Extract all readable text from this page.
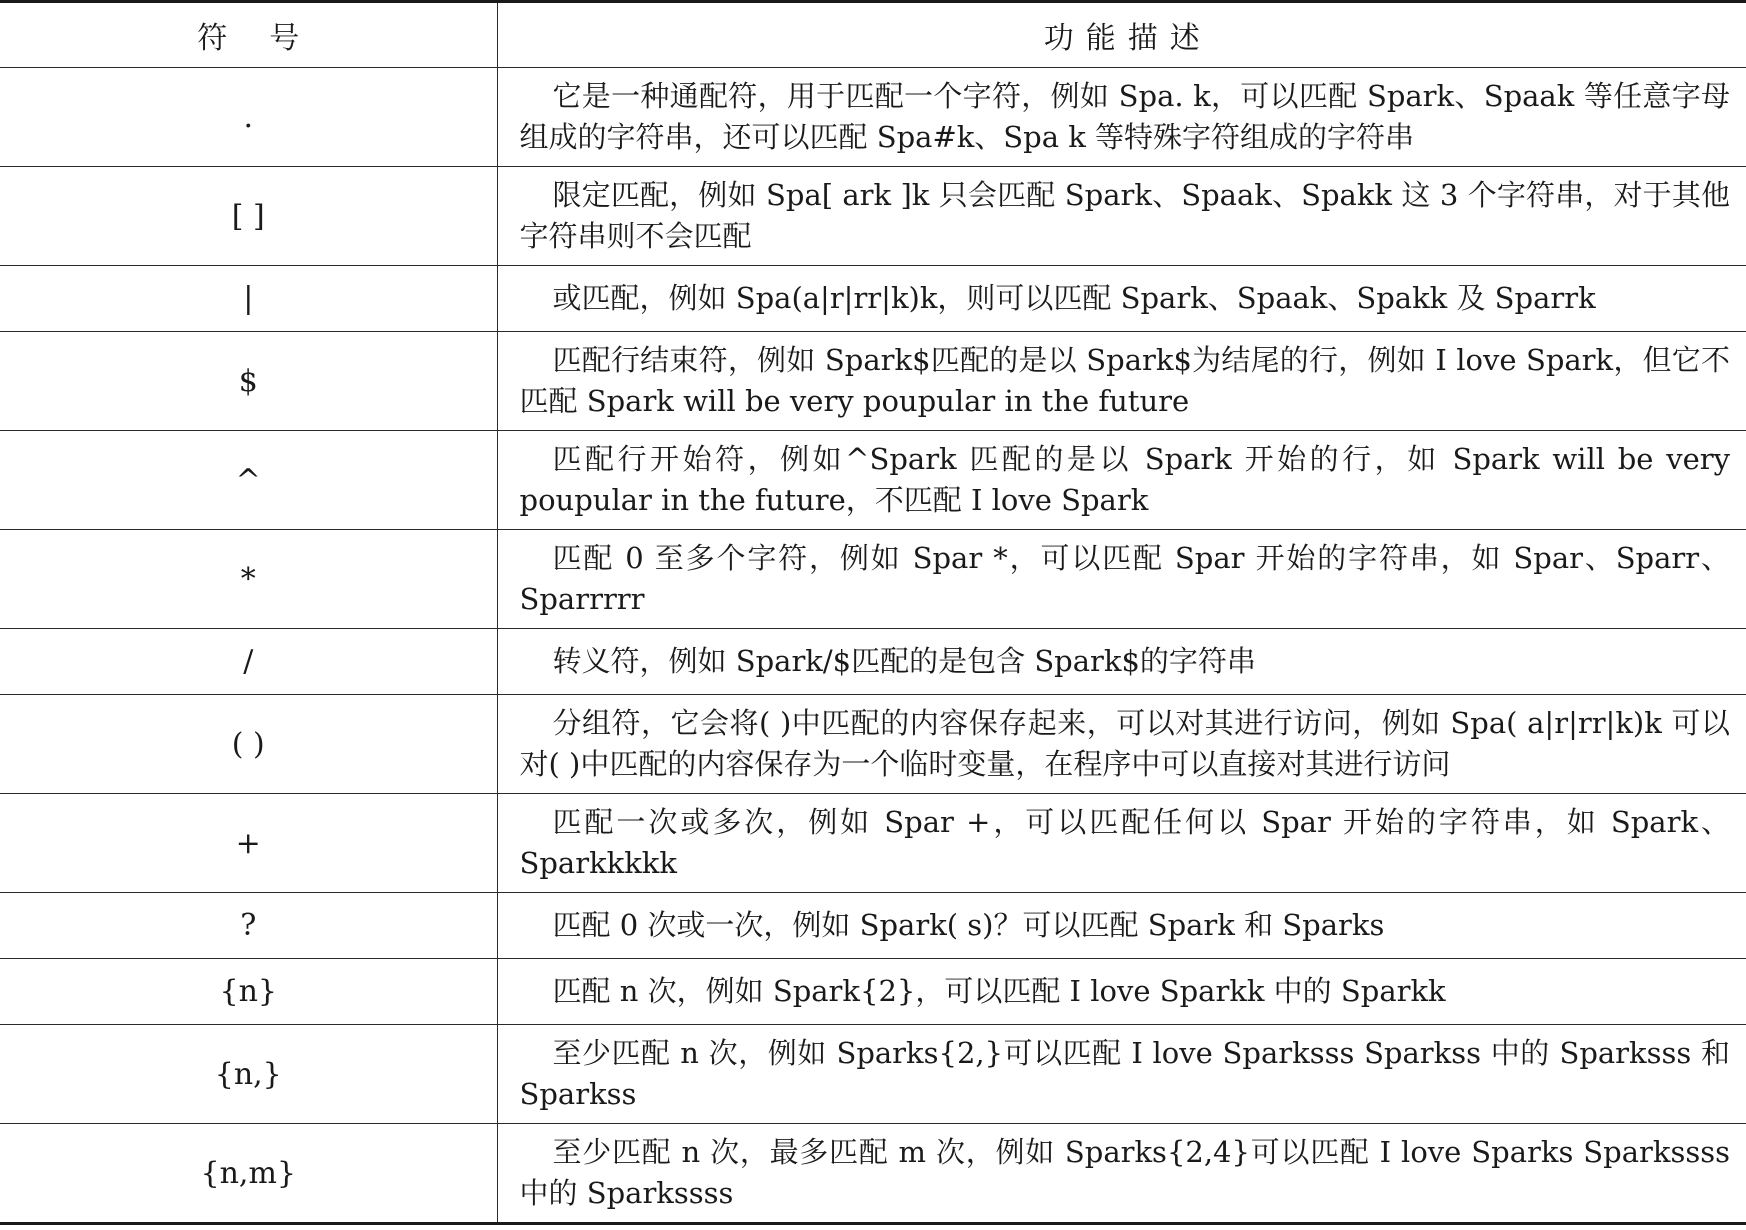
符号	功能描述
.	它是一种通配符，用于匹配一个字符，例如 Spa. k，可以匹配 Spark、Spaak 等任意字母组成的字符串，还可以匹配 Spa#k、Spa k 等特殊字符组成的字符串
[ ]	限定匹配，例如 Spa[ ark ]k 只会匹配 Spark、Spaak、Spakk 这 3 个字符串，对于其他字符串则不会匹配
|	或匹配，例如 Spa(a|r|rr|k)k，则可以匹配 Spark、Spaak、Spakk 及 Sparrk
$	匹配行结束符，例如 Spark$匹配的是以 Spark$为结尾的行，例如 I love Spark，但它不匹配 Spark will be very poupular in the future
^	匹配行开始符，例如^Spark 匹配的是以 Spark 开始的行，如 Spark will be very poupular in the future，不匹配 I love Spark
*	匹配 0 至多个字符，例如 Spar *，可以匹配 Spar 开始的字符串，如 Spar、Sparr、Sparrrrr
/	转义符，例如 Spark/$匹配的是包含 Spark$的字符串
( )	分组符，它会将( )中匹配的内容保存起来，可以对其进行访问，例如 Spa( a|r|rr|k)k 可以对( )中匹配的内容保存为一个临时变量，在程序中可以直接对其进行访问
+	匹配一次或多次，例如 Spar +，可以匹配任何以 Spar 开始的字符串，如 Spark、Sparkkkkk
?	匹配 0 次或一次，例如 Spark( s)？可以匹配 Spark 和 Sparks
{n}	匹配 n 次，例如 Spark{2}，可以匹配 I love Sparkk 中的 Sparkk
{n,}	至少匹配 n 次，例如 Sparks{2,}可以匹配 I love Sparksss Sparkss 中的 Sparksss 和 Sparkss
{n,m}	至少匹配 n 次，最多匹配 m 次，例如 Sparks{2,4}可以匹配 I love Sparks Sparkssss 中的 Sparkssss
